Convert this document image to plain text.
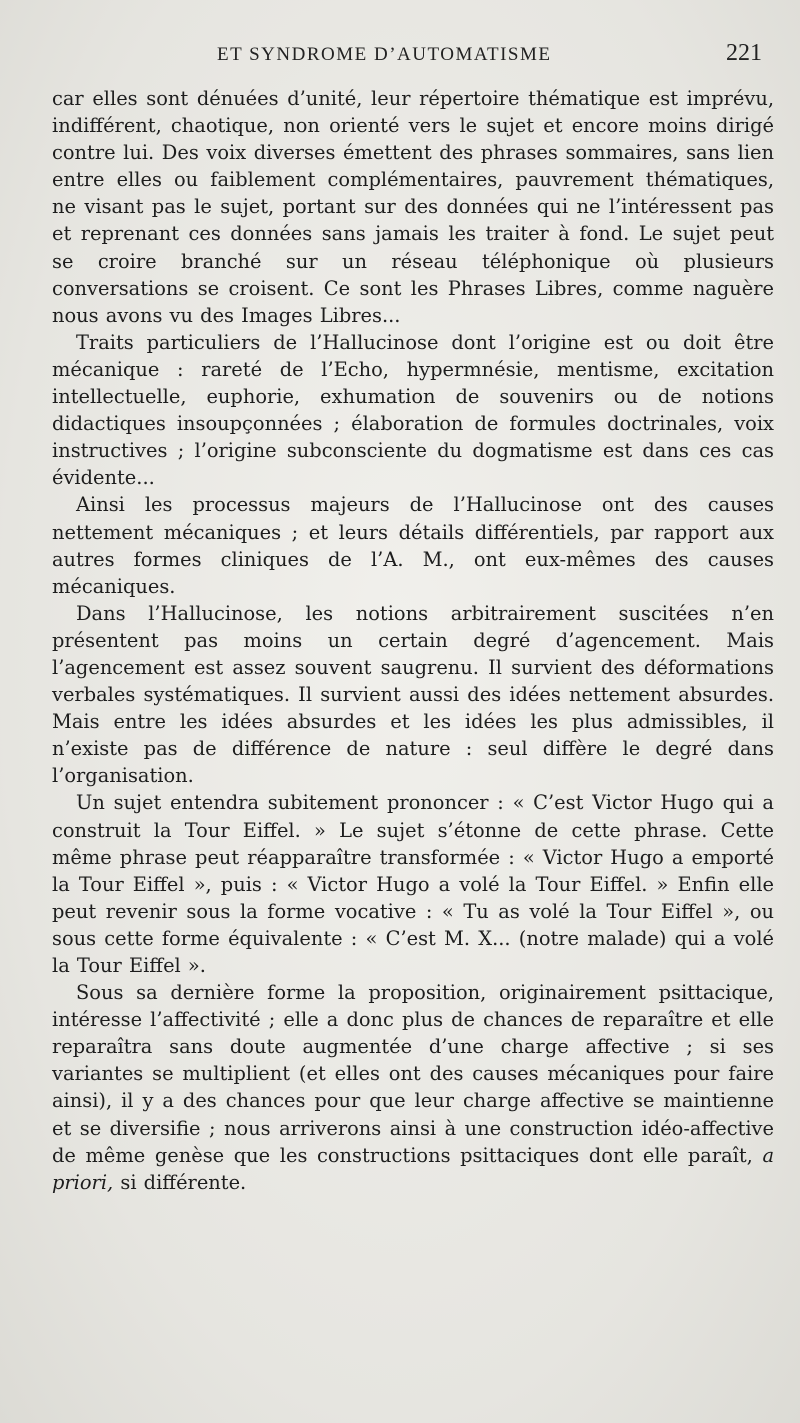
ET SYNDROME D’AUTOMATISME	221

car elles sont dénuées d’unité, leur répertoire thématique est imprévu, indifférent, chaotique, non orienté vers le sujet et encore moins dirigé contre lui. Des voix diverses émettent des phrases sommaires, sans lien entre elles ou faiblement complémentaires, pauvrement thématiques, ne visant pas le sujet, portant sur des données qui ne l’intéressent pas et reprenant ces données sans jamais les traiter à fond. Le sujet peut se croire branché sur un réseau téléphonique où plusieurs conversations se croisent. Ce sont les Phrases Libres, comme naguère nous avons vu des Images Libres...

Traits particuliers de l’Hallucinose dont l’origine est ou doit être mécanique : rareté de l’Echo, hypermnésie, mentisme, excitation intellectuelle, euphorie, exhumation de souvenirs ou de notions didactiques insoupçonnées ; élaboration de formules doctrinales, voix instructives ; l’origine subconsciente du dogmatisme est dans ces cas évidente...

Ainsi les processus majeurs de l’Hallucinose ont des causes nettement mécaniques ; et leurs détails différentiels, par rapport aux autres formes cliniques de l’A. M., ont eux-mêmes des causes mécaniques.

Dans l’Hallucinose, les notions arbitrairement suscitées n’en présentent pas moins un certain degré d’agencement. Mais l’agencement est assez souvent saugrenu. Il survient des déformations verbales systématiques. Il survient aussi des idées nettement absurdes. Mais entre les idées absurdes et les idées les plus admissibles, il n’existe pas de différence de nature : seul diffère le degré dans l’organisation.

Un sujet entendra subitement prononcer : « C’est Victor Hugo qui a construit la Tour Eiffel. » Le sujet s’étonne de cette phrase. Cette même phrase peut réapparaître transformée : « Victor Hugo a emporté la Tour Eiffel », puis : « Victor Hugo a volé la Tour Eiffel. » Enfin elle peut revenir sous la forme vocative : « Tu as volé la Tour Eiffel », ou sous cette forme équivalente : « C’est M. X... (notre malade) qui a volé la Tour Eiffel ».

Sous sa dernière forme la proposition, originairement psittacique, intéresse l’affectivité ; elle a donc plus de chances de reparaître et elle reparaîtra sans doute augmentée d’une charge affective ; si ses variantes se multiplient (et elles ont des causes mécaniques pour faire ainsi), il y a des chances pour que leur charge affective se maintienne et se diversifie ; nous arriverons ainsi à une construction idéo-affective de même genèse que les constructions psittaciques dont elle paraît, a priori, si différente.
